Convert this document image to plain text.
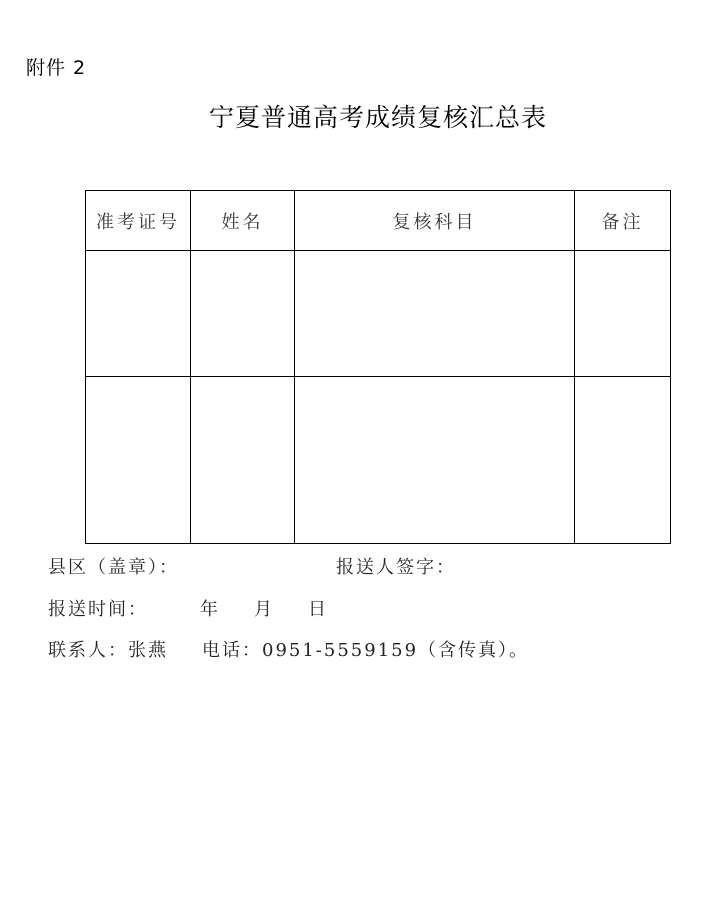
附件 2
宁夏普通高考成绩复核汇总表
准考证号	姓名	复核科目	备注

县区（盖章）：	报送人签字：
报送时间：	年 月 日
联系人：张燕 电话：0951-5559159（含传真）。
